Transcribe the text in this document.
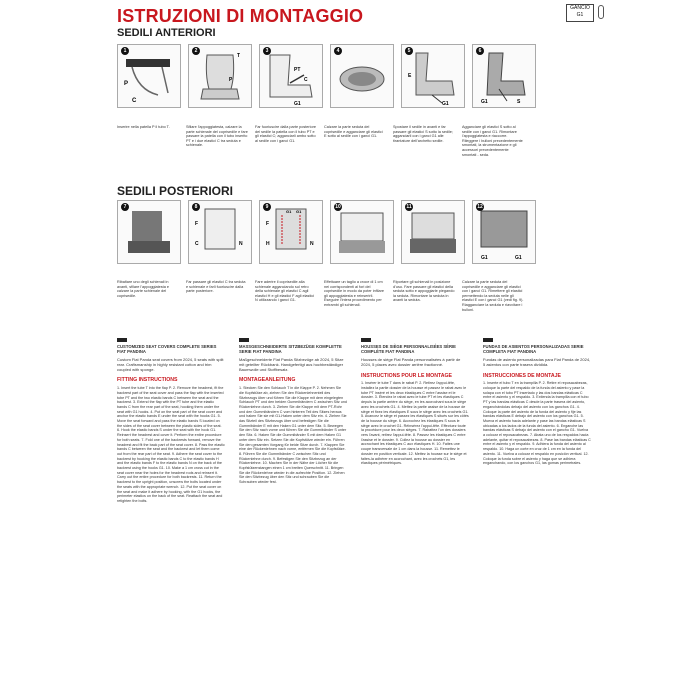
ISTRUZIONI DI MONTAGGIO
SEDILI ANTERIORI
GANCIO
G1
1
P
C
2
T
P
3
PT
C
G1
4	5
E
G1
6
G1	S
Inserire nella patella P il tubo T.	Sfilare l'appoggiatesta, calzare la parte schienale del coprisedile e fare passare la patella con il tubo inserito PT e i due elastici C tra seduta e schienale.
Far fuoriuscire dalla parte posteriore del sedile la patella con il tubo PT e gli elastici C; agganciarli ambo sotto al sedile con i ganci G1.
Calzare la parte seduta del coprisedile e agganciare gli elastici E sotto al sedile con i ganci G1.
Spostare il sedile in avanti e far passare gli elastici S sotto la sedile; agganciarli con i ganci G1 alle tirantature dell'archetto sedile.
Agganciare gli elastici S sotto al sedile con i ganci G1. Rimontare l'appoggiatesta e riaccorre. Rileggere i bulloni precedentemente smontati, la strumentazione e gli accessori precedentemente smontati - seda.
SEDILI POSTERIORI
7	8
F
C	N
9
F
G1 G1
H	N
10	11	12
G1	G1
Ribaltare uno degli schienali in avanti, sfilare l'appoggiatesta e calzare la parte schienale del coprisedile.
Far passare gli elastici C tra seduta e schienale e farli fuoriuscire dalla parte posteriore.
Fare aderire il coprisedile alla schienale agganciando sul retro della schienale gli elastici C agli elastici H e gli elastici F agli elastici N utilizzando i ganci G1.
Effettuare un taglio a croce di 1 cm nei corrispondenti ai fori del coprisedile in modo da poter infilare gli appoggiatesta e reinserirli. Eseguire l'intera procedimento per entrambi gli schienali.
Riportare gli schienali in posizione d'uso. Fare passare gli elastici della seduta sotto e appoggiarle piegando la seduta. Rimontare la seduta in avanti la seduta.
Calzare la parte seduta del coprisedile e agganciare gli elastici con i ganci G1. Rimettere gli elastici permettendo la seduta nelle gli elastici E con i ganci G1 (vedi fig. 9). Riagganciare la seduta e riavvitare i bulloni.
CUSTOMIZED SEAT COVERS COMPLETE SERIES FIAT PANDINA
Custom Fiat Panda seat covers from 2024, 5 seats with split rear. Craftsmanship in highly resistant cotton and trim coupled with sponge.
FITTING INSTRUCTIONS
1. Insert the tube T into the flap P. 2. Remove the headrest, fit the backrest part of the seat cover and pass the flap with the inserted tube PT and the two elastic bands C between the seat and the backrest. 3. Extend the flap with the PT tube and the elastic bands C from the rear part of the seat, hooking them under the seat with G1 hooks. 4. Put on the seat part of the seat cover and anchor the elastic bands E under the seat with the hooks G1. 5. Move the seat forward and pass the elastic bands S located on the sides of the seat cover between the plastic sides of the seat. 6. Hook the elastic bands S under the seat with the hook G1. Reinsert the headrest and cover it. Perform the entire procedure for both seats. 7. Fold one of the backrests forward, remove the headrest and fit the back part of the seat cover. 8. Pass the elastic bands C between the seat and the backrest and let them come out from the rear part of the seat. 9. Adhere the seat cover to the backrest by hooking the elastic bands C to the elastic bands H and the elastic bands F to the elastic bands N on the back of the backrest using the hooks G1. 10. Make a 1 cm cross cut in the seat cover near the holes for the headrest rods and reinsert it. Carry out the entire procedure for both backrests. 11. Return the backrest to the upright position, unscrew the bolts located under the seats with the appropriate wrench. 12. Put the seat cover on the seat and make it adhere by hooking, with the G1 hooks, the perimeter elastics on the back of the seat. Reattach the seat and retighten the bolts.
MASSGESCHNEIDERTE SITZBEZÜGE KOMPLETTE SERIE FIAT PANDINA
Maßgeschneiderte Fiat Panda Sitzbezüge ab 2024, 5 Sitze mit geteilter Rückbank. Handgefertigt aus hochbeständiger Baumwolle und Stoffbesatz.
MONTAGEANLEITUNG
1. Stecken Sie den Schlauch T in die Klappe P. 2. Nehmen Sie die Kopfstütze ab, ziehen Sie den Rückenlehnenteil des Sitzbezugs über und führen Sie die Klappe mit dem eingelegten Schlauch PT und den beiden Gummibändern C zwischen Sitz und Rückenlehne durch. 3. Ziehen Sie die Klappe mit dem PT-Rohr und den Gummibändern C vom hinteren Teil des Sitzes heraus und haken Sie sie mit G1-Haken unter dem Sitz ein. 4. Ziehen Sie das Sitzteil des Sitzbezugs über und befestigen Sie die Gummibänder E mit den Haken G1 unter dem Sitz. 5. Bewegen Sie den Sitz nach vorne und führen Sie die Gummibänder S unter den Sitz. 6. Haken Sie die Gummibänder S mit dem Haken G1 unter dem Sitz ein. Setzen Sie die Kopfstütze wieder ein. Führen Sie den gesamten Vorgang für beide Sitze durch. 7. Klappen Sie eine der Rückenlehnen nach vorne, entfernen Sie die Kopfstütze. 8. Führen Sie die Gummibänder C zwischen Sitz und Rückenlehne durch. 9. Befestigen Sie den Sitzbezug an der Rückenlehne. 10. Machen Sie in der Nähe der Löcher für die Kopfstützenstangen einen 1 cm breiten Querschnitt. 11. Bringen Sie die Rückenlehne wieder in die aufrechte Position. 12. Ziehen Sie den Sitzbezug über den Sitz und schrauben Sie die Schrauben wieder fest.
HOUSSES DE SIÈGE PERSONNALISÉES SÉRIE COMPLÈTE FIAT PANDINA
Housses de siège Fiat Panda personnalisées à partir de 2024, 5 places avec dossier arrière fractionné.
INSTRUCTIONS POUR LE MONTAGE
1. Insérer le tube T dans le rabat P. 2. Retirez l'appui-tête, installez la partie dossier de la housse et passez le rabat avec le tube PT inséré et les deux élastiques C entre l'assise et le dossier. 3. Étendez le rabat avec le tube PT et les élastiques C depuis la partie arrière du siège, en les accrochant sous le siège avec les crochets G1. 4. Mettez la partie assise de la housse de siège et fixez les élastiques E sous le siège avec les crochets G1. 5. Avancez le siège et passez les élastiques S situés sur les côtés de la housse du siège. 6. Accrochez les élastiques S sous le siège avec le crochet G1. Réinsérez l'appui-tête. Effectuez toute la procédure pour les deux sièges. 7. Rabattez l'un des dossiers vers l'avant, retirez l'appui-tête. 8. Passez les élastiques C entre l'assise et le dossier. 9. Collez la housse au dossier en accrochant les élastiques C aux élastiques H. 10. Faites une coupe transversale de 1 cm dans la housse. 11. Remettez le dossier en position verticale. 12. Mettez la housse sur le siège et faites-la adhérer en accrochant, avec les crochets G1, les élastiques périmétriques.
FUNDAS DE ASIENTOS PERSONALIZADAS SERIE COMPLETA FIAT PANDINA
Fundas de asiento personalizadas para Fiat Panda de 2024, 5 asientos con parte trasera dividida.
INSTRUCCIONES DE MONTAJE
1. Inserte el tubo T en la trampilla P. 2. Retire el reposacabezas, coloque la parte del respaldo de la funda del asiento y pase la solapa con el tubo PT insertado y las dos bandas elásticas C entre el asiento y el respaldo. 3. Extienda la trampilla con el tubo PT y las bandas elásticas C desde la parte trasera del asiento, enganchándolas debajo del asiento con los ganchos G1. 4. Coloque la parte del asiento de la funda del asiento y fije las bandas elásticas E debajo del asiento con los ganchos G1. 5. Mueva el asiento hacia adelante y pase las bandas elásticas S ubicadas a los lados de la funda del asiento. 6. Enganche las bandas elásticas S debajo del asiento con el gancho G1. Vuelva a colocar el reposacabezas. 7. Abata uno de los respaldos hacia adelante, quitar el reposacabezas. 8. Pase las bandas elásticas C entre el asiento y el respaldo. 9. Adhiera la funda del asiento al respaldo. 10. Haga un corte en cruz de 1 cm en la funda del asiento. 11. Vuelva a colocar el respaldo en posición vertical. 12. Coloque la funda sobre el asiento y haga que se adhiera enganchando, con los ganchos G1, las gomas perimetrales.
